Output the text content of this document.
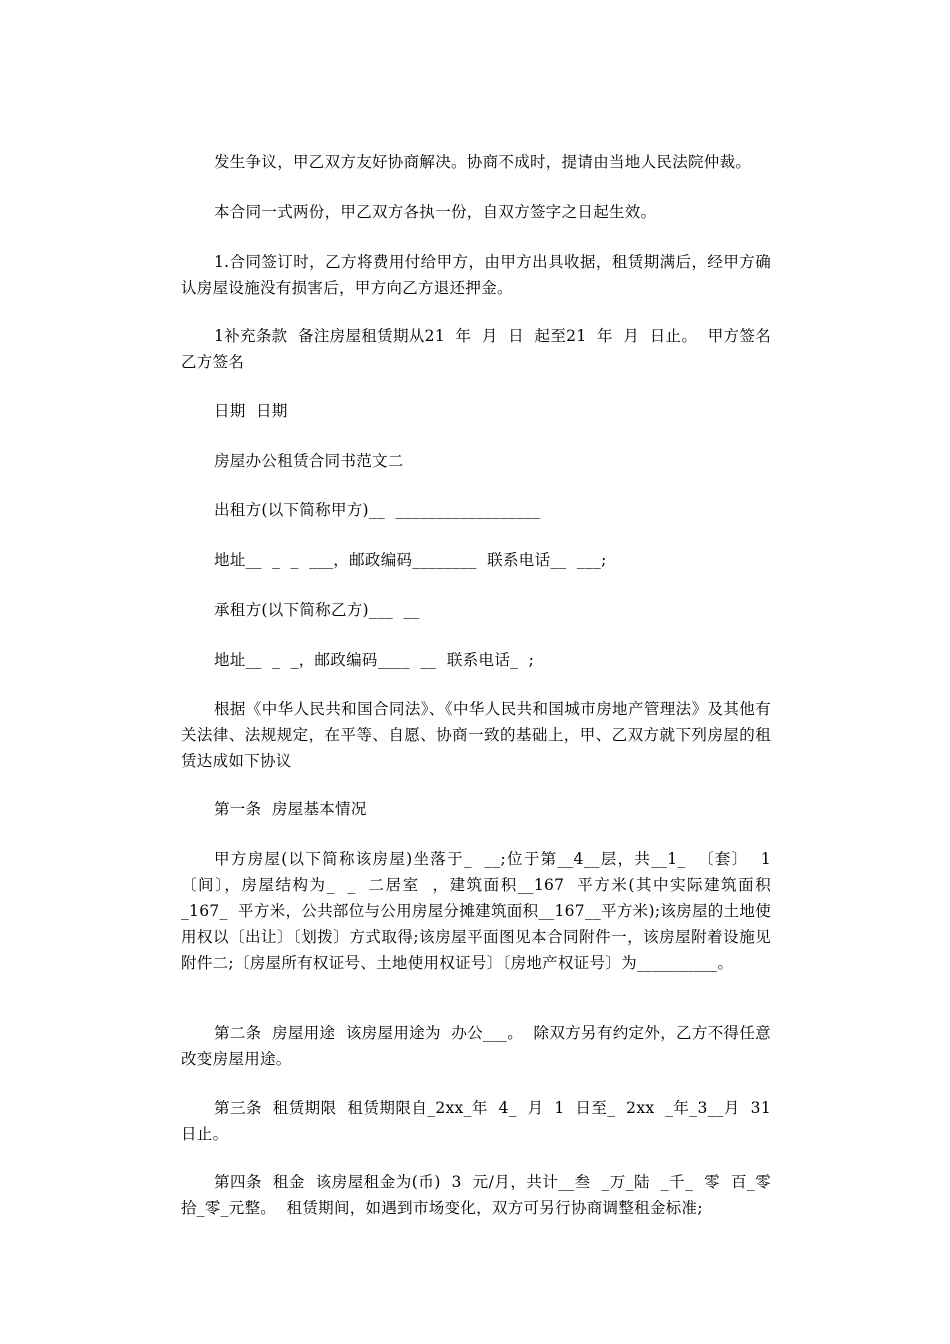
发生争议，甲乙双方友好协商解决。协商不成时，提请由当地人民法院仲裁。
本合同一式两份，甲乙双方各执一份，自双方签字之日起生效。
1.合同签订时，乙方将费用付给甲方，由甲方出具收据，租赁期满后，经甲方确认房屋设施没有损害后，甲方向乙方退还押金。
1补充条款  备注房屋租赁期从21  年  月  日  起至21  年  月  日止。  甲方签名  乙方签名
日期  日期
房屋办公租赁合同书范文二
出租方(以下简称甲方)__  __________________
地址__  _  _  ___，邮政编码________  联系电话__  ___;
承租方(以下简称乙方)___  __
地址__  _  _，邮政编码____  __  联系电话_  ;
根据《中华人民共和国合同法》、《中华人民共和国城市房地产管理法》及其他有关法律、法规规定，在平等、自愿、协商一致的基础上，甲、乙双方就下列房屋的租赁达成如下协议
第一条  房屋基本情况
甲方房屋(以下简称该房屋)坐落于_  __;位于第__4__层，共__1_  〔套〕  1〔间〕，房屋结构为_  _  二居室  ，建筑面积__167  平方米(其中实际建筑面积_167_  平方米，公共部位与公用房屋分摊建筑面积__167__平方米);该房屋的土地使用权以〔出让〕〔划拨〕方式取得;该房屋平面图见本合同附件一，该房屋附着设施见附件二;〔房屋所有权证号、土地使用权证号〕〔房地产权证号〕为__________。
第二条  房屋用途  该房屋用途为  办公___。  除双方另有约定外，乙方不得任意改变房屋用途。
第三条  租赁期限  租赁期限自_2xx_年  4_  月  1  日至_  2xx  _年_3__月  31日止。
第四条  租金  该房屋租金为(币)  3  元/月，共计__叁  _万_陆  _千_  零  百_零  拾_零_元整。  租赁期间，如遇到市场变化，双方可另行协商调整租金标准;
